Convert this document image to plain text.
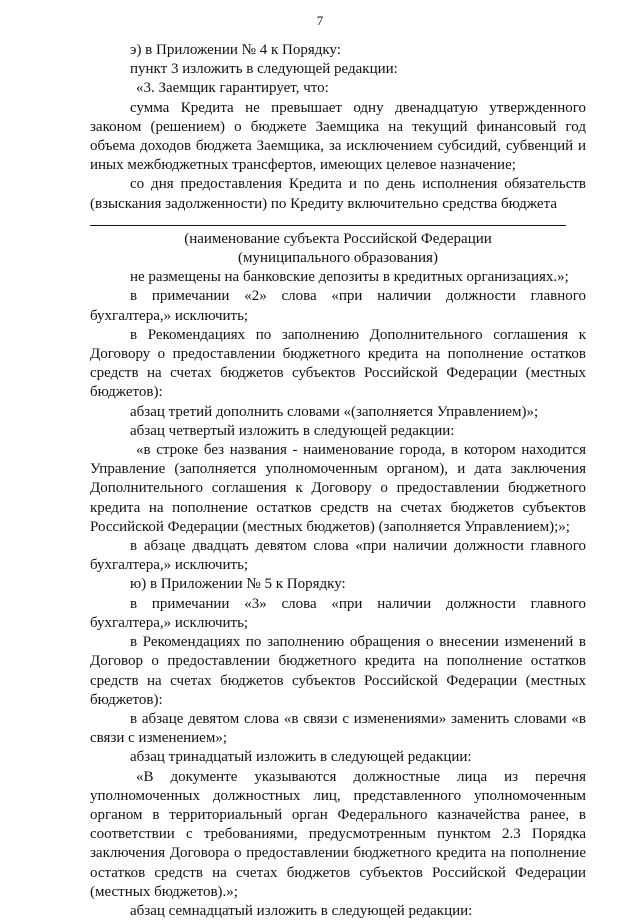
7

э) в Приложении № 4 к Порядку:

пункт 3 изложить в следующей редакции:

«3. Заемщик гарантирует, что:

сумма Кредита не превышает одну двенадцатую утвержденного законом (решением) о бюджете Заемщика на текущий финансовый год объема доходов бюджета Заемщика, за исключением субсидий, субвенций и иных межбюджетных трансфертов, имеющих целевое назначение;

со дня предоставления Кредита и по день исполнения обязательств (взыскания задолженности) по Кредиту включительно средства бюджета

(наименование субъекта Российской Федерации

(муниципального образования)

не размещены на банковские депозиты в кредитных организациях.»;

в примечании «2» слова «при наличии должности главного бухгалтера,» исключить;

в Рекомендациях по заполнению Дополнительного соглашения к Договору о предоставлении бюджетного кредита на пополнение остатков средств на счетах бюджетов субъектов Российской Федерации (местных бюджетов):

абзац третий дополнить словами «(заполняется Управлением)»;

абзац четвертый изложить в следующей редакции:

«в строке без названия - наименование города, в котором находится Управление (заполняется уполномоченным органом), и дата заключения Дополнительного соглашения к Договору о предоставлении бюджетного кредита на пополнение остатков средств на счетах бюджетов субъектов Российской Федерации (местных бюджетов) (заполняется Управлением);»;

в абзаце двадцать девятом слова «при наличии должности главного бухгалтера,» исключить;

ю) в Приложении № 5 к Порядку:

в примечании «3» слова «при наличии должности главного бухгалтера,» исключить;

в Рекомендациях по заполнению обращения о внесении изменений в Договор о предоставлении бюджетного кредита на пополнение остатков средств на счетах бюджетов субъектов Российской Федерации (местных бюджетов):

в абзаце девятом слова «в связи с изменениями» заменить словами «в связи с изменением»;

абзац тринадцатый изложить в следующей редакции:

«В документе указываются должностные лица из перечня уполномоченных должностных лиц, представленного уполномоченным органом в территориальный орган Федерального казначейства ранее, в соответствии с требованиями, предусмотренным пунктом 2.3 Порядка заключения Договора о предоставлении бюджетного кредита на пополнение остатков средств на счетах бюджетов субъектов Российской Федерации (местных бюджетов).»;

абзац семнадцатый изложить в следующей редакции:
